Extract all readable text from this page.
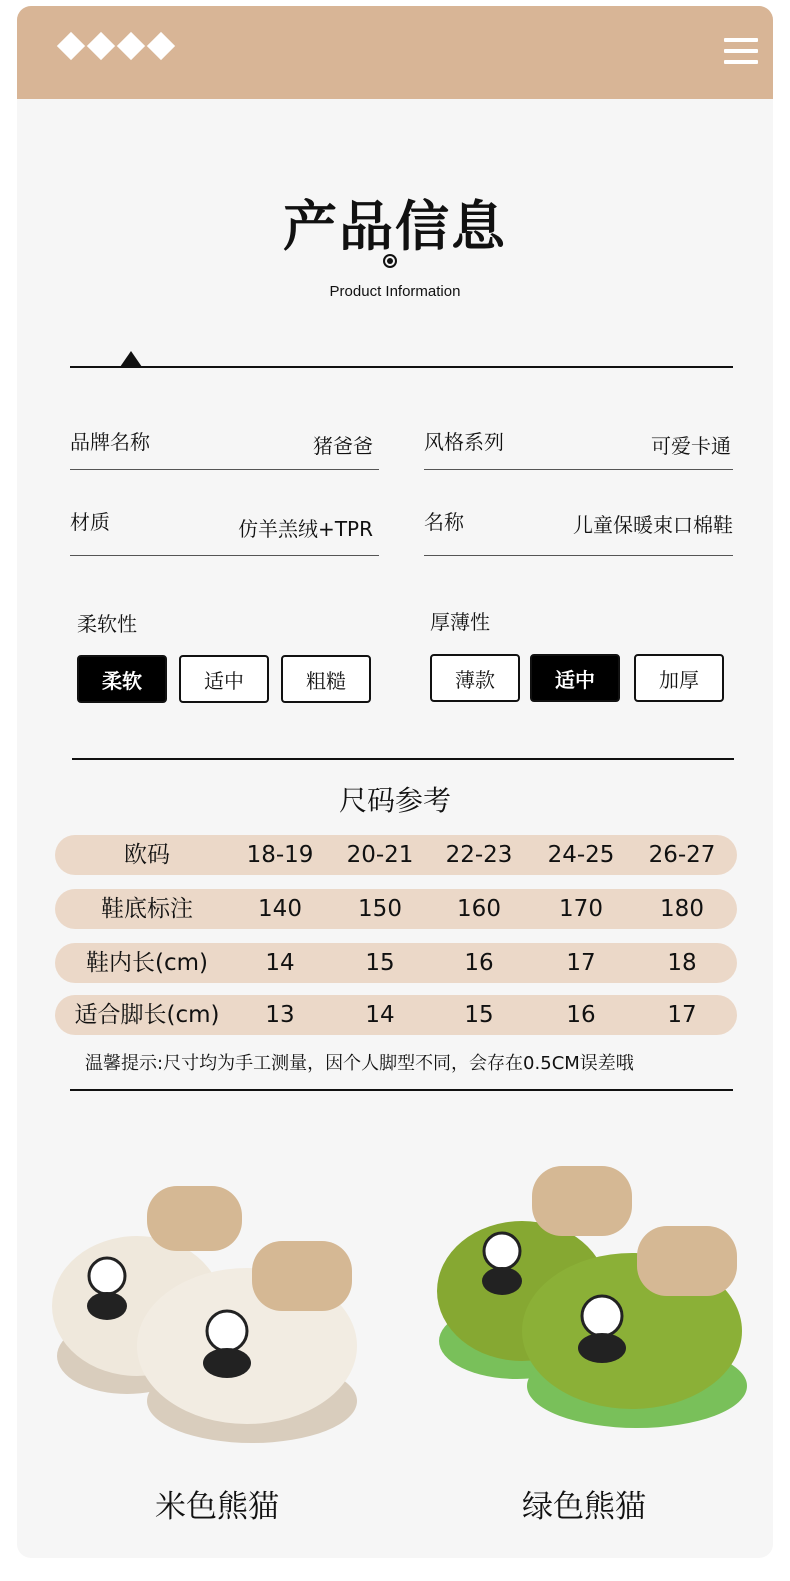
产品信息
Product Information
品牌名称	猪爸爸	风格系列	可爱卡通
材质	仿羊羔绒+TPR	名称	儿童保暖束口棉鞋
柔软性
柔软	适中	粗糙
厚薄性
薄款	适中	加厚
尺码参考
欧码	18-19	20-21	22-23	24-25	26-27
鞋底标注	140	150	160	170	180
鞋内长(cm)	14	15	16	17	18
适合脚长(cm)	13	14	15	16	17
温馨提示:尺寸均为手工测量，因个人脚型不同，会存在0.5CM误差哦
米色熊猫	绿色熊猫
